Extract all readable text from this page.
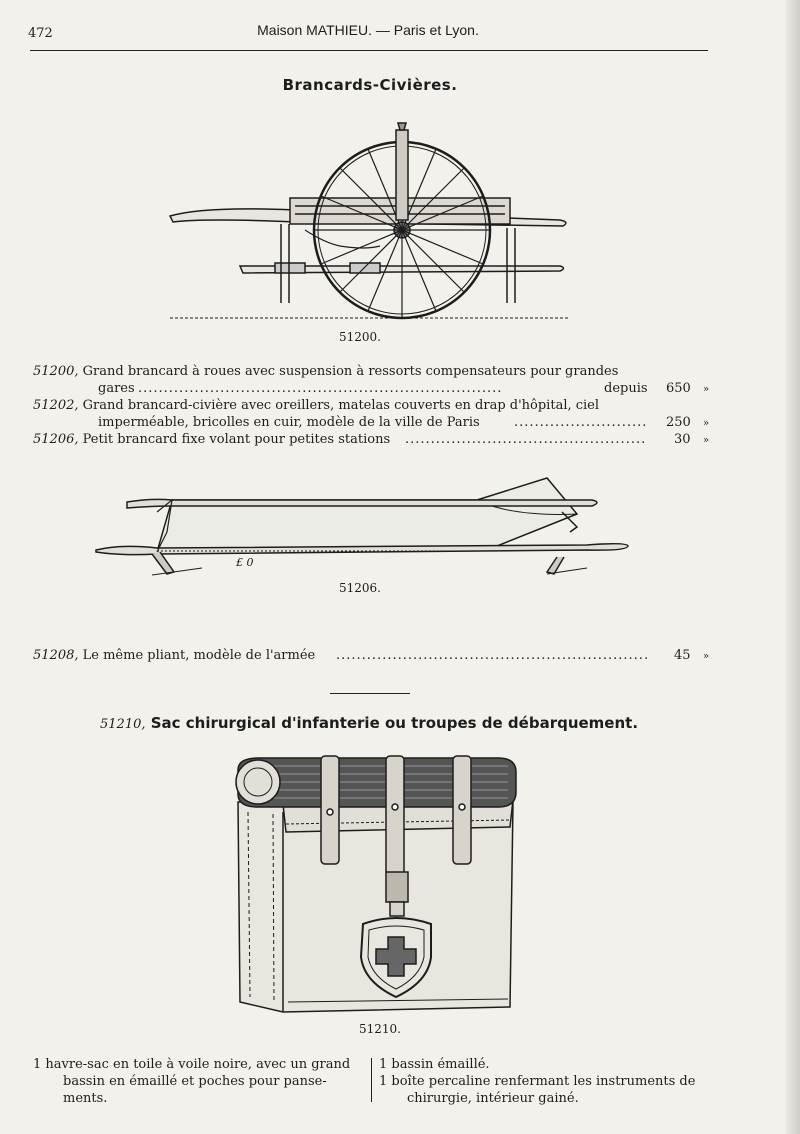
472	Maison MATHIEU. — Paris et Lyon.
Brancards-Civières.
51200.
51200, Grand brancard à roues avec suspension à ressorts compensateurs pour grandes
gares .......................................................................	depuis 650 »
51202, Grand brancard-civière avec oreillers, matelas couverts en drap d'hôpital, ciel
imperméable, bricolles en cuir, modèle de la ville de Paris	..........................	250 »
51206, Petit brancard fixe volant pour petites stations ...............................................	30 »
£ 0
51206.
51208, Le même pliant, modèle de l'armée .............................................................	45 »
51210, Sac chirurgical d'infanterie ou troupes de débarquement.
51210.
1 havre-sac en toile à voile noire, avec un grand
bassin en émaillé et poches pour panse-
ments.
1 bassin émaillé.
1 boîte percaline renfermant les instruments de
chirurgie, intérieur gainé.
